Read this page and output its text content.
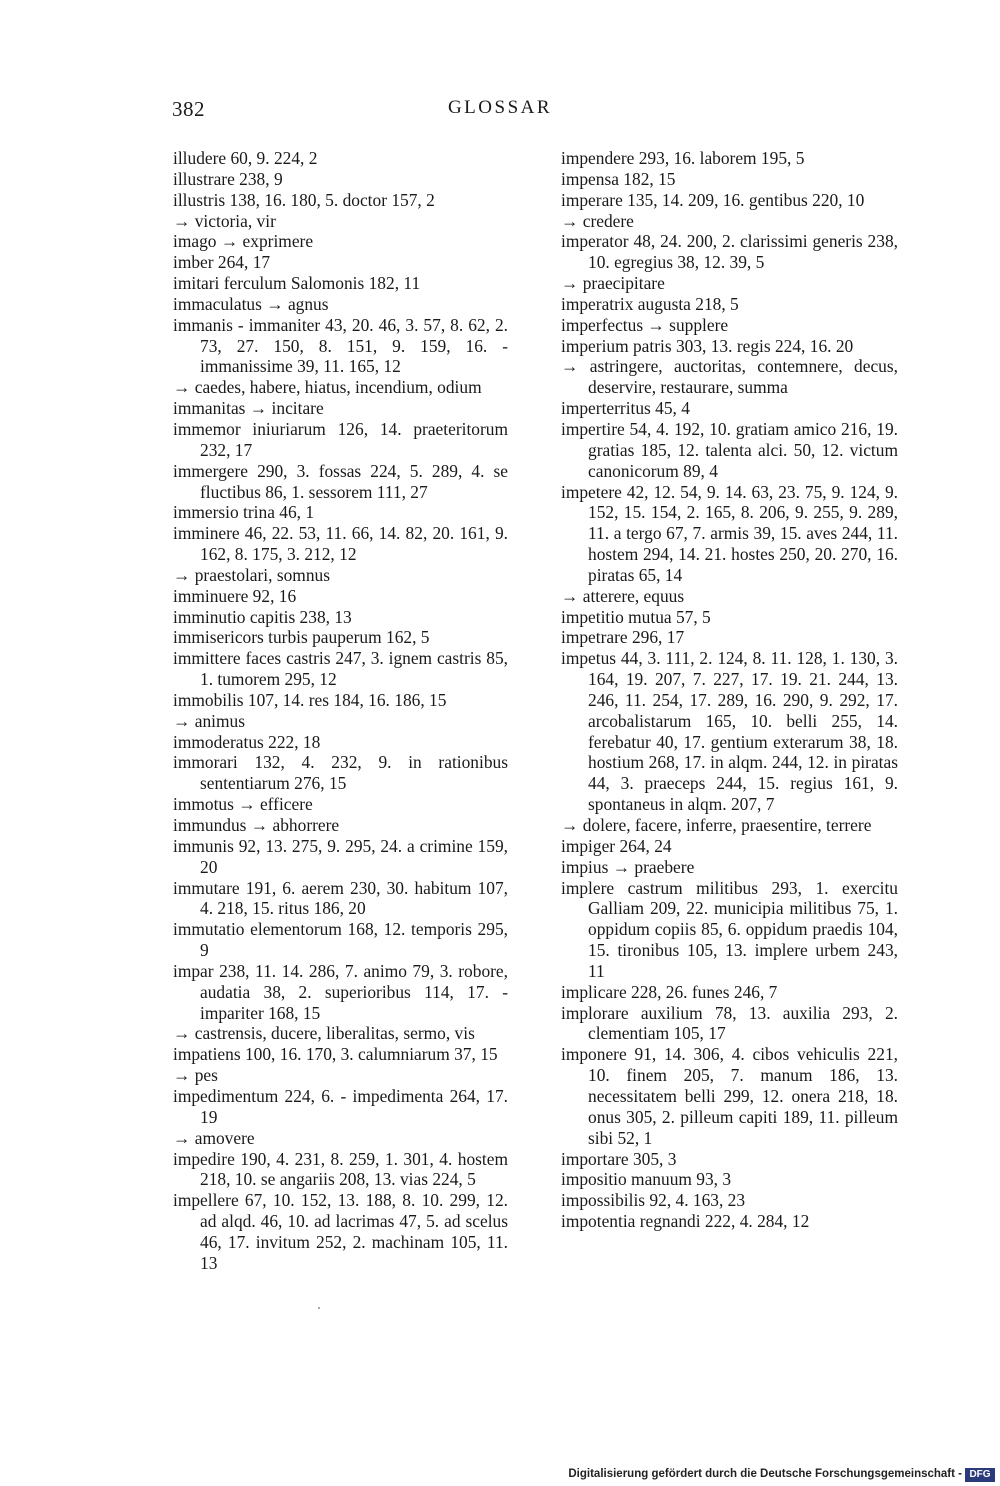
382	GLOSSAR

illudere 60, 9. 224, 2

illustrare 238, 9

illustris 138, 16. 180, 5. doctor 157, 2

→ victoria, vir

imago → exprimere

imber 264, 17

imitari ferculum Salomonis 182, 11

immaculatus → agnus

immanis - immaniter 43, 20. 46, 3. 57, 8. 62, 2. 73, 27. 150, 8. 151, 9. 159, 16. - immanissime 39, 11. 165, 12

→ caedes, habere, hiatus, incendium, odium

immanitas → incitare

immemor iniuriarum 126, 14. praeteritorum 232, 17

immergere 290, 3. fossas 224, 5. 289, 4. se fluctibus 86, 1. sessorem 111, 27

immersio trina 46, 1

imminere 46, 22. 53, 11. 66, 14. 82, 20. 161, 9. 162, 8. 175, 3. 212, 12

→ praestolari, somnus

imminuere 92, 16

imminutio capitis 238, 13

immisericors turbis pauperum 162, 5

immittere faces castris 247, 3. ignem castris 85, 1. tumorem 295, 12

immobilis 107, 14. res 184, 16. 186, 15

→ animus

immoderatus 222, 18

immorari 132, 4. 232, 9. in rationibus sententiarum 276, 15

immotus → efficere

immundus → abhorrere

immunis 92, 13. 275, 9. 295, 24. a crimine 159, 20

immutare 191, 6. aerem 230, 30. habitum 107, 4. 218, 15. ritus 186, 20

immutatio elementorum 168, 12. temporis 295, 9

impar 238, 11. 14. 286, 7. animo 79, 3. robore, audatia 38, 2. superioribus 114, 17. - impariter 168, 15

→ castrensis, ducere, liberalitas, sermo, vis

impatiens 100, 16. 170, 3. calumniarum 37, 15

→ pes

impedimentum 224, 6. - impedimenta 264, 17. 19

→ amovere

impedire 190, 4. 231, 8. 259, 1. 301, 4. hostem 218, 10. se angariis 208, 13. vias 224, 5

impellere 67, 10. 152, 13. 188, 8. 10. 299, 12. ad alqd. 46, 10. ad lacrimas 47, 5. ad scelus 46, 17. invitum 252, 2. machinam 105, 11. 13

impendere 293, 16. laborem 195, 5

impensa 182, 15

imperare 135, 14. 209, 16. gentibus 220, 10

→ credere

imperator 48, 24. 200, 2. clarissimi generis 238, 10. egregius 38, 12. 39, 5

→ praecipitare

imperatrix augusta 218, 5

imperfectus → supplere

imperium patris 303, 13. regis 224, 16. 20

→ astringere, auctoritas, contemnere, decus, deservire, restaurare, summa

imperterritus 45, 4

impertire 54, 4. 192, 10. gratiam amico 216, 19. gratias 185, 12. talenta alci. 50, 12. victum canonicorum 89, 4

impetere 42, 12. 54, 9. 14. 63, 23. 75, 9. 124, 9. 152, 15. 154, 2. 165, 8. 206, 9. 255, 9. 289, 11. a tergo 67, 7. armis 39, 15. aves 244, 11. hostem 294, 14. 21. hostes 250, 20. 270, 16. piratas 65, 14

→ atterere, equus

impetitio mutua 57, 5

impetrare 296, 17

impetus 44, 3. 111, 2. 124, 8. 11. 128, 1. 130, 3. 164, 19. 207, 7. 227, 17. 19. 21. 244, 13. 246, 11. 254, 17. 289, 16. 290, 9. 292, 17. arcobalistarum 165, 10. belli 255, 14. ferebatur 40, 17. gentium exterarum 38, 18. hostium 268, 17. in alqm. 244, 12. in piratas 44, 3. praeceps 244, 15. regius 161, 9. spontaneus in alqm. 207, 7

→ dolere, facere, inferre, praesentire, terrere

impiger 264, 24

impius → praebere

implere castrum militibus 293, 1. exercitu Galliam 209, 22. municipia militibus 75, 1. oppidum copiis 85, 6. oppidum praedis 104, 15. tironibus 105, 13. implere urbem 243, 11

implicare 228, 26. funes 246, 7

implorare auxilium 78, 13. auxilia 293, 2. clementiam 105, 17

imponere 91, 14. 306, 4. cibos vehiculis 221, 10. finem 205, 7. manum 186, 13. necessitatem belli 299, 12. onera 218, 18. onus 305, 2. pilleum capiti 189, 11. pilleum sibi 52, 1

importare 305, 3

impositio manuum 93, 3

impossibilis 92, 4. 163, 23

impotentia regnandi 222, 4. 284, 12

Digitalisierung gefördert durch die Deutsche Forschungsgemeinschaft - DFG
